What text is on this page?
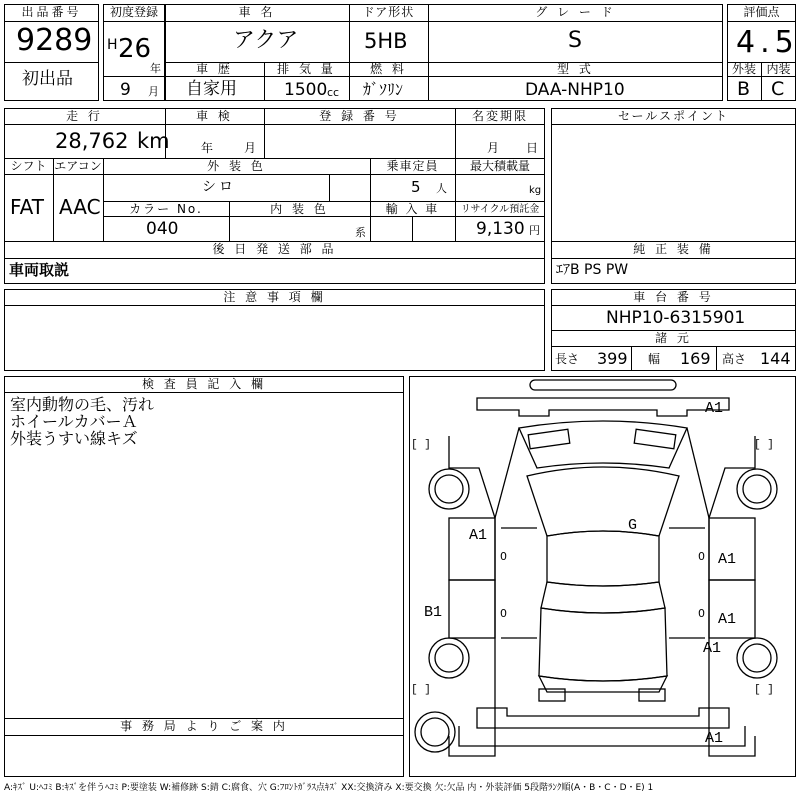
出品番号
9289
初出品
初度登録
H 26
年
9 月
車 名
アクア
ドア形状
5HB
グ レ ー ド
S
車 歴
自家用
排 気 量
1500 cc
燃 料
ｶﾞｿﾘﾝ
型 式
DAA-NHP10
評価点
4.5
外装 内装
B C
走 行
28,762 km
車 検
年	月
登 録 番 号	名変期限
月 日
シフト
FAT
エアコン
AAC
外 装 色
シロ
乗車定員
5 人
最大積載量
kg
カラー No.
040
内 装 色
系
輸 入 車	リサイクル預託金
9,130 円
後 日 発 送 部 品
車両取説
セールスポイント
純 正 装 備
ｴｱB PS PW
注 意 事 項 欄	車 台 番 号
NHP10-6315901
諸 元
長さ 399 幅 169 高さ 144
検 査 員 記 入 欄
室内動物の毛、汚れ
ホイールカバーＡ
外装うすい線キズ
事 務 局 よ り ご 案 内
A1
A1
G
A1
B1	A1
A1
A1
0
0
0
0
[ ]	[ ]
[ ]	[ ]
A:ｷｽﾞ U:ﾍｺﾐ B:ｷｽﾞを伴うﾍｺﾐ P:要塗装 W:補修跡 S:錆 C:腐食、穴 G:ﾌﾛﾝﾄｶﾞﾗｽ点ｷｽﾞ XX:交換済み X:要交換 欠:欠品 内・外装評価 5段階ﾗﾝｸ順(A・B・C・D・E) 1
